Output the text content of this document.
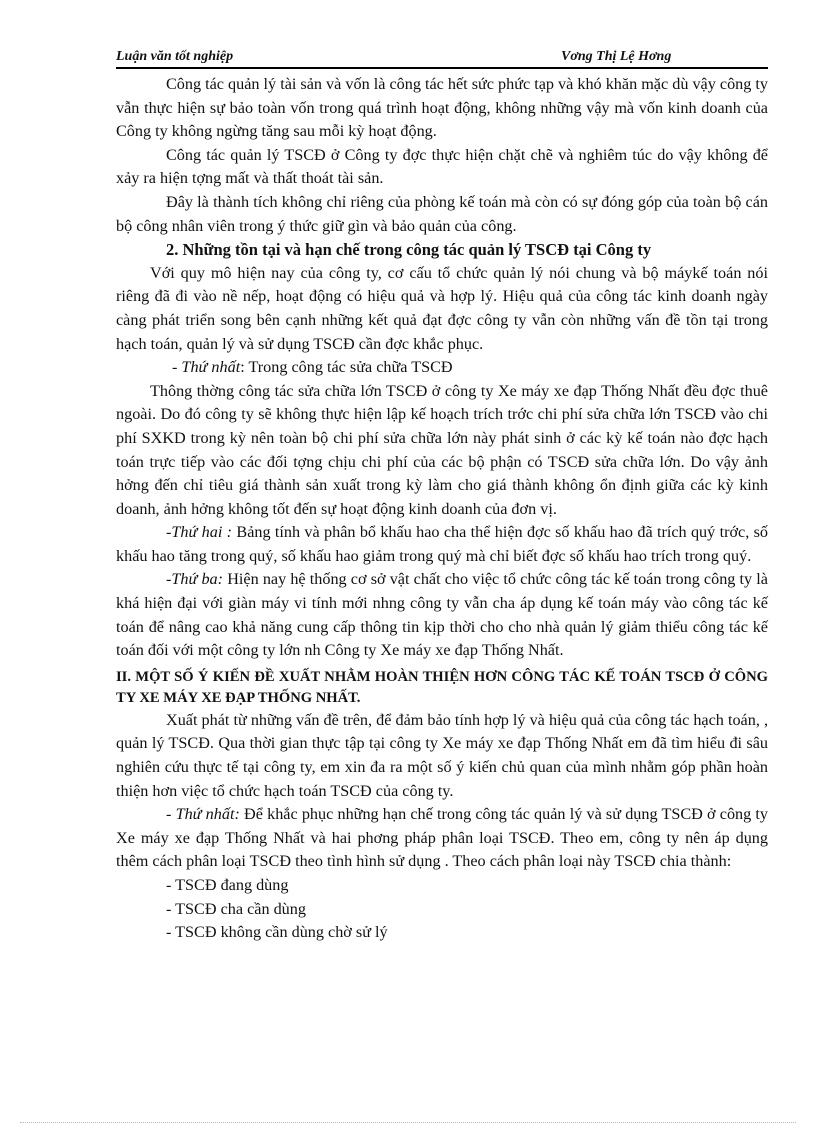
Luận văn tốt nghiệp	Vơng Thị Lệ Hơng

Công tác quản lý tài sản và vốn là công tác hết sức phức tạp và khó khăn mặc dù vậy công ty vẫn thực hiện sự bảo toàn vốn trong quá trình hoạt động, không những vậy mà vốn kinh doanh của Công ty không ngừng tăng sau mỗi kỳ hoạt động.

Công tác quản lý TSCĐ ở Công ty đợc thực hiện chặt chẽ và nghiêm túc do vậy không để xảy ra hiện tợng mất và thất thoát tài sản.

Đây là thành tích không chỉ riêng của phòng kế toán mà còn có sự đóng góp của toàn bộ cán bộ công nhân viên trong ý thức giữ gìn và bảo quản của công.

2. Những tồn tại và hạn chế trong công tác quản lý TSCĐ tại Công ty

Với quy mô hiện nay của công ty, cơ cấu tổ chức quản lý nói chung và bộ máykế toán nói riêng đã đi vào nề nếp, hoạt động có hiệu quả và hợp lý. Hiệu quả của công tác kinh doanh ngày càng phát triển song bên cạnh những kết quả đạt đợc công ty vẫn còn những vấn đề tồn tại trong hạch toán, quản lý và sử dụng TSCĐ cần đợc khắc phục.

- Thứ nhất: Trong công tác sửa chữa TSCĐ

Thông thờng công tác sửa chữa lớn TSCĐ ở công ty Xe máy xe đạp Thống Nhất đều đợc thuê ngoài. Do đó công ty sẽ không thực hiện lập kế hoạch trích trớc chi phí sửa chữa lớn TSCĐ vào chi phí SXKD trong kỳ nên toàn bộ chi phí sửa chữa lớn này phát sinh ở các kỳ kế toán nào đợc hạch toán trực tiếp vào các đối tợng chịu chi phí của các bộ phận có TSCĐ sửa chữa lớn. Do vậy ảnh hởng đến chỉ tiêu giá thành sản xuất trong kỳ làm cho giá thành không ổn định giữa các kỳ kinh doanh, ảnh hởng không tốt đến sự hoạt động kinh doanh của đơn vị.

-Thứ hai : Bảng tính và phân bổ khấu hao cha thể hiện đợc số khấu hao đã trích quý trớc, số khấu hao tăng trong quý, số khấu hao giảm trong quý mà chỉ biết đợc số khấu hao trích trong quý.

-Thứ ba: Hiện nay hệ thống cơ sở vật chất cho việc tổ chức công tác kế toán trong công ty là khá hiện đại với giàn máy vi tính mới nhng công ty vẫn cha áp dụng kế toán máy vào công tác kế toán để nâng cao khả năng cung cấp thông tin kịp thời cho cho nhà quản lý giảm thiểu công tác kế toán đối với một công ty lớn nh Công ty Xe máy xe đạp Thống Nhất.

II. MỘT SỐ Ý KIẾN ĐỀ XUẤT NHẰM HOÀN THIỆN HƠN CÔNG TÁC KẾ TOÁN TSCĐ Ở CÔNG TY XE MÁY XE ĐẠP THỐNG NHẤT.

Xuất phát từ những vấn đề trên, để đảm bảo tính hợp lý và hiệu quả của công tác hạch toán, , quản lý TSCĐ. Qua thời gian thực tập tại công ty Xe máy xe đạp Thống Nhất em đã tìm hiểu đi sâu nghiên cứu thực tế tại công ty, em xin đa ra một số ý kiến chủ quan của mình nhằm góp phần hoàn thiện hơn việc tổ chức hạch toán TSCĐ của công ty.

- Thứ nhất: Để khắc phục những hạn chế trong công tác quản lý và sử dụng TSCĐ ở công ty Xe máy xe đạp Thống Nhất và hai phơng pháp phân loại TSCĐ. Theo em, công ty nên áp dụng thêm cách phân loại TSCĐ theo tình hình sử dụng . Theo cách phân loại này TSCĐ chia thành:

- TSCĐ đang dùng

- TSCĐ cha cần dùng

- TSCĐ không cần dùng chờ sử lý
